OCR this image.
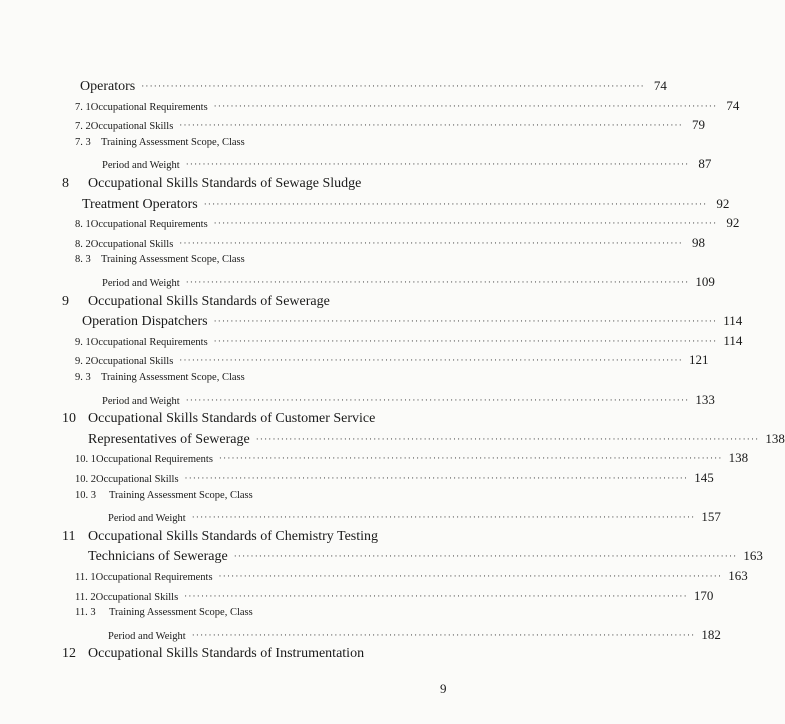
Operators ························································································································ 74
7. 1 Occupational Requirements ························································································································ 74
7. 2 Occupational Skills ························································································································ 79
7. 3 Training Assessment Scope, Class
Period and Weight ························································································································ 87
8	Occupational Skills Standards of Sewage Sludge
Treatment Operators ························································································································ 92
8. 1 Occupational Requirements ························································································································ 92
8. 2 Occupational Skills ························································································································ 98
8. 3 Training Assessment Scope, Class
Period and Weight ························································································································ 109
9	Occupational Skills Standards of Sewerage
Operation Dispatchers ························································································································ 114
9. 1 Occupational Requirements ························································································································ 114
9. 2 Occupational Skills ························································································································ 121
9. 3 Training Assessment Scope, Class
Period and Weight ························································································································ 133
10 Occupational Skills Standards of Customer Service
Representatives of Sewerage ························································································································ 138
10. 1 Occupational Requirements ························································································································ 138
10. 2 Occupational Skills ························································································································ 145
10. 3	Training Assessment Scope, Class
Period and Weight ························································································································ 157
11 Occupational Skills Standards of Chemistry Testing
Technicians of Sewerage ························································································································ 163
11. 1 Occupational Requirements ························································································································ 163
11. 2 Occupational Skills ························································································································ 170
11. 3	Training Assessment Scope, Class
Period and Weight ························································································································ 182
12 Occupational Skills Standards of Instrumentation
9
